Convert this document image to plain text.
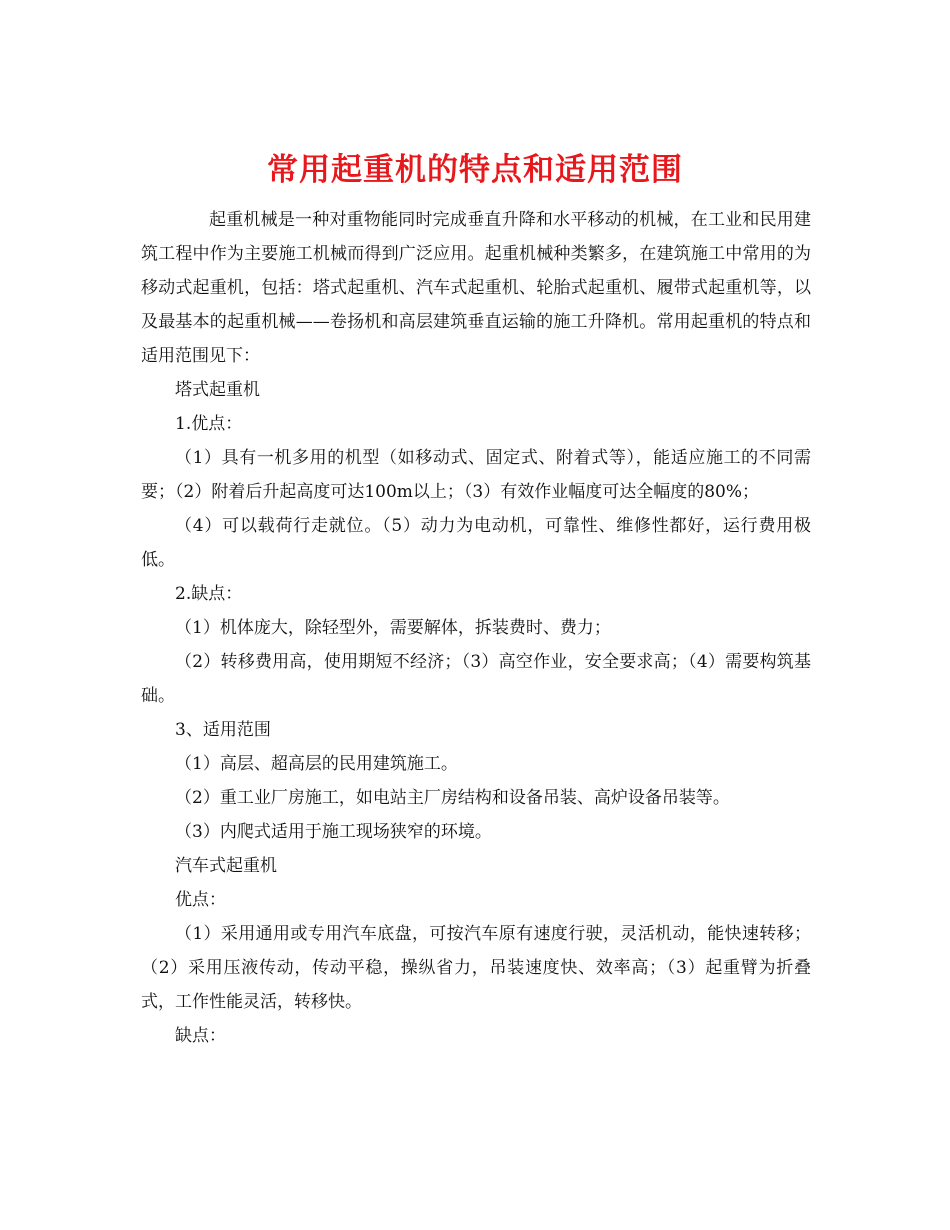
常用起重机的特点和适用范围

起重机械是一种对重物能同时完成垂直升降和水平移动的机械，在工业和民用建筑工程中作为主要施工机械而得到广泛应用。起重机械种类繁多，在建筑施工中常用的为移动式起重机，包括：塔式起重机、汽车式起重机、轮胎式起重机、履带式起重机等，以及最基本的起重机械——卷扬机和高层建筑垂直运输的施工升降机。常用起重机的特点和适用范围见下：

塔式起重机

1.优点：

（1）具有一机多用的机型（如移动式、固定式、附着式等），能适应施工的不同需要；（2）附着后升起高度可达100m以上；（3）有效作业幅度可达全幅度的80%；

（4）可以载荷行走就位。（5）动力为电动机，可靠性、维修性都好，运行费用极低。

2.缺点：

（1）机体庞大，除轻型外，需要解体，拆装费时、费力；

（2）转移费用高，使用期短不经济；（3）高空作业，安全要求高；（4）需要构筑基础。

3、适用范围

（1）高层、超高层的民用建筑施工。

（2）重工业厂房施工，如电站主厂房结构和设备吊装、高炉设备吊装等。

（3）内爬式适用于施工现场狭窄的环境。

汽车式起重机

优点：

（1）采用通用或专用汽车底盘，可按汽车原有速度行驶，灵活机动，能快速转移；（2）采用压液传动，传动平稳，操纵省力，吊装速度快、效率高；（3）起重臂为折叠式，工作性能灵活，转移快。

缺点：
